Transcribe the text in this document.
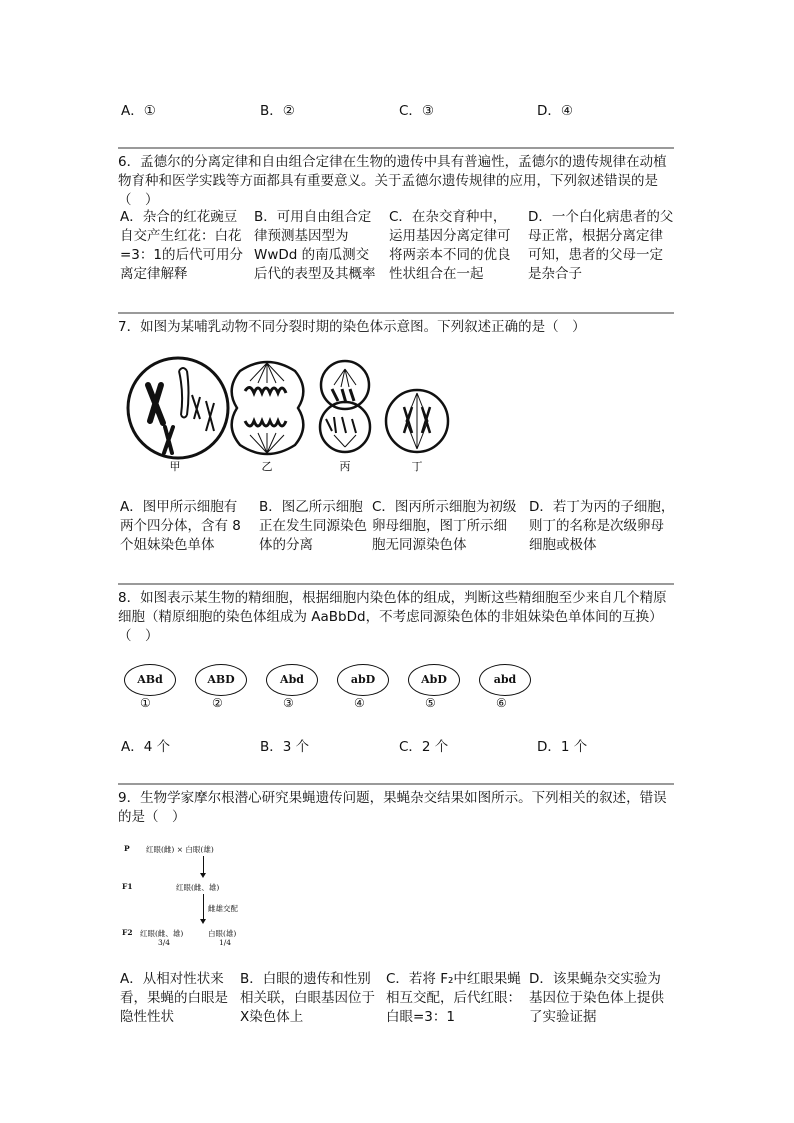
A．①	B．②	C．③	D．④
6．孟德尔的分离定律和自由组合定律在生物的遗传中具有普遍性，孟德尔的遗传规律在动植物育种和医学实践等方面都具有重要意义。关于孟德尔遗传规律的应用，下列叙述错误的是（　）
A．杂合的红花豌豆自交产生红花：白花=3：1的后代可用分离定律解释
B．可用自由组合定律预测基因型为 WwDd 的南瓜测交后代的表型及其概率
C．在杂交育种中，运用基因分离定律可将两亲本不同的优良性状组合在一起
D．一个白化病患者的父母正常，根据分离定律可知，患者的父母一定是杂合子
7．如图为某哺乳动物不同分裂时期的染色体示意图。下列叙述正确的是（　）
甲	乙	丙	丁
A．图甲所示细胞有两个四分体，含有 8 个姐妹染色单体
B．图乙所示细胞正在发生同源染色体的分离
C．图丙所示细胞为初级卵母细胞，图丁所示细胞无同源染色体
D．若丁为丙的子细胞，则丁的名称是次级卵母细胞或极体
8．如图表示某生物的精细胞，根据细胞内染色体的组成，判断这些精细胞至少来自几个精原细胞（精原细胞的染色体组成为 AaBbDd，不考虑同源染色体的非姐妹染色单体间的互换）（　）
ABd
①
ABD
②
Abd
③
abD
④
AbD
⑤
abd
⑥
A．4 个	B．3 个	C．2 个	D．1 个
9．生物学家摩尔根潜心研究果蝇遗传问题，果蝇杂交结果如图所示。下列相关的叙述，错误的是（　）
P 红眼(雌) × 白眼(雄)
F1	红眼(雌、雄)
雌雄交配
F2 红眼(雌、雄)
3/4
白眼(雄)
1/4
A．从相对性状来看，果蝇的白眼是隐性性状
B．白眼的遗传和性别相关联，白眼基因位于X染色体上
C．若将 F₂中红眼果蝇相互交配，后代红眼：白眼=3：1
D．该果蝇杂交实验为基因位于染色体上提供了实验证据
